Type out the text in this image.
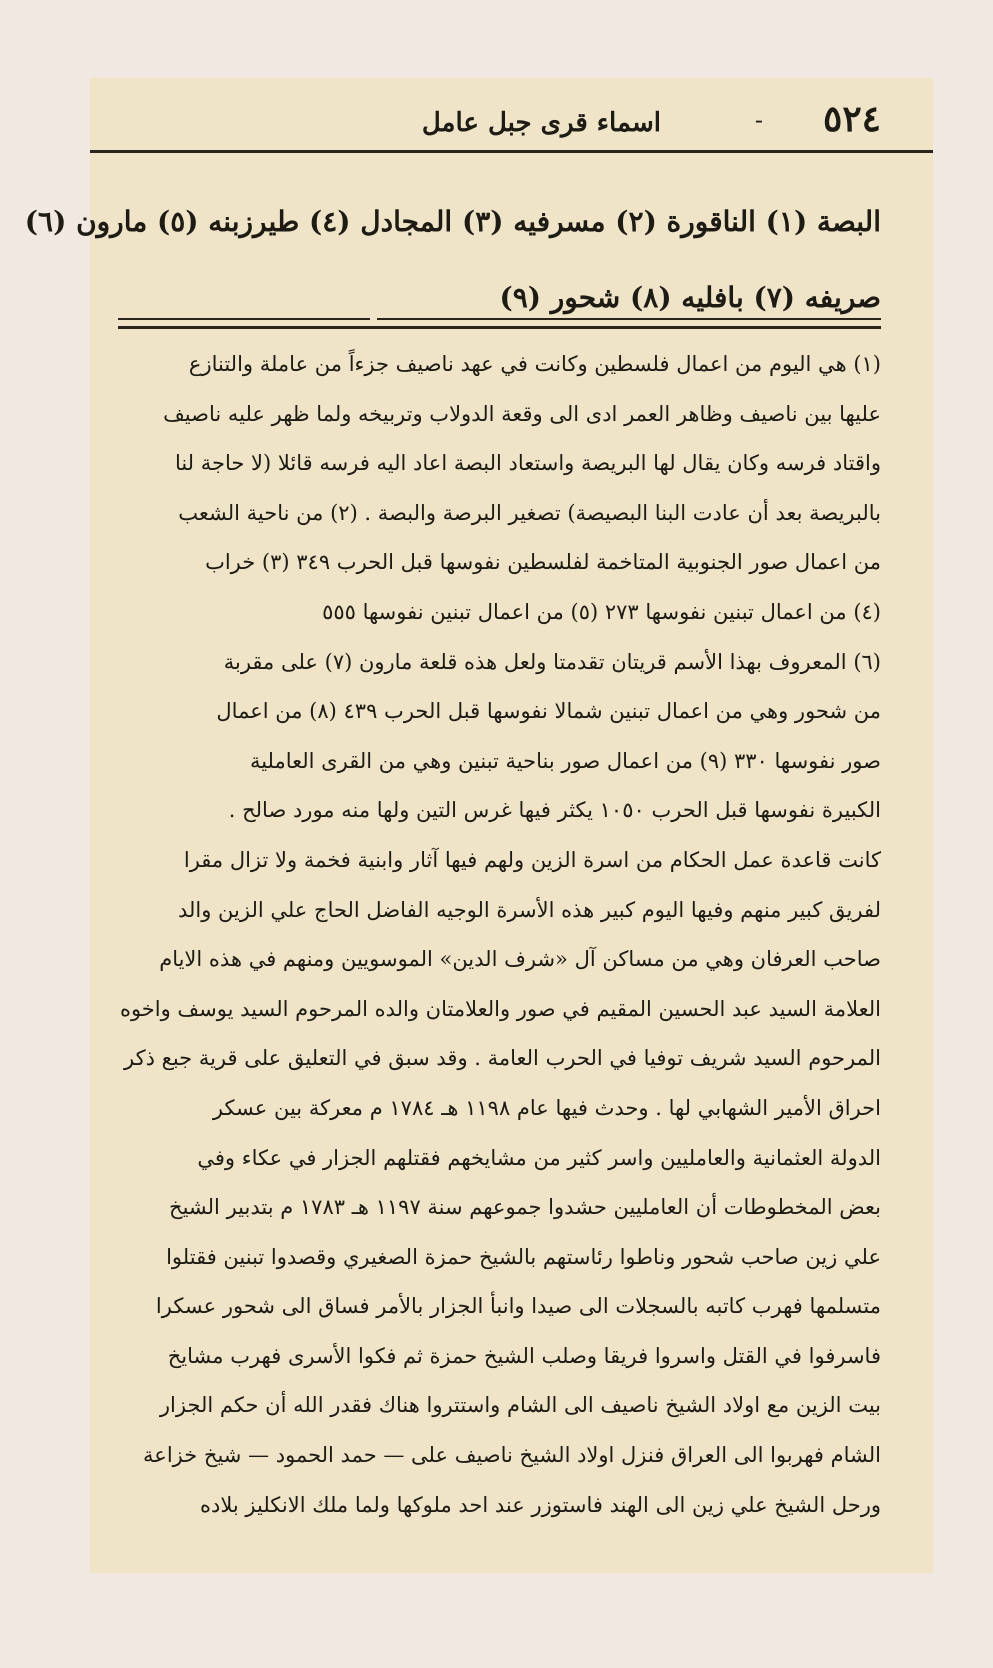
٥٢٤
-
اسماء قرى جبل عامل
البصة (١) الناقورة (٢) مسرفيه (٣) المجادل (٤) طيرزبنه (٥) مارون (٦)
صريفه (٧) بافليه (٨) شحور (٩)
(١) هي اليوم من اعمال فلسطين وكانت في عهد ناصيف جزءاً من عاملة والتنازع
عليها بين ناصيف وظاهر العمر ادى الى وقعة الدولاب وتربيخه ولما ظهر عليه ناصيف
واقتاد فرسه وكان يقال لها البريصة واستعاد البصة اعاد اليه فرسه قائلا (لا حاجة لنا
بالبريصة بعد أن عادت البنا البصيصة) تصغير البرصة والبصة . (٢) من ناحية الشعب
من اعمال صور الجنوبية المتاخمة لفلسطين نفوسها قبل الحرب ٣٤٩ (٣) خراب
(٤) من اعمال تبنين نفوسها ٢٧٣ (٥) من اعمال تبنين نفوسها ٥٥٥
(٦) المعروف بهذا الأسم قريتان تقدمتا ولعل هذه قلعة مارون (٧) على مقربة
من شحور وهي من اعمال تبنين شمالا نفوسها قبل الحرب ٤٣٩ (٨) من اعمال
صور نفوسها ٣٣٠ (٩) من اعمال صور بناحية تبنين وهي من القرى العاملية
الكبيرة نفوسها قبل الحرب ١٠٥٠ يكثر فيها غرس التين ولها منه مورد صالح .
كانت قاعدة عمل الحكام من اسرة الزين ولهم فيها آثار وابنية فخمة ولا تزال مقرا
لفريق كبير منهم وفيها اليوم كبير هذه الأسرة الوجيه الفاضل الحاج علي الزين والد
صاحب العرفان وهي من مساكن آل «شرف الدين» الموسويين ومنهم في هذه الايام
العلامة السيد عبد الحسين المقيم في صور والعلامتان والده المرحوم السيد يوسف واخوه
المرحوم السيد شريف توفيا في الحرب العامة . وقد سبق في التعليق على قرية جبع ذكر
احراق الأمير الشهابي لها . وحدث فيها عام ١١٩٨ هـ ١٧٨٤ م معركة بين عسكر
الدولة العثمانية والعامليين واسر كثير من مشايخهم فقتلهم الجزار في عكاء وفي
بعض المخطوطات أن العامليين حشدوا جموعهم سنة ١١٩٧ هـ ١٧٨٣ م بتدبير الشيخ
علي زين صاحب شحور وناطوا رئاستهم بالشيخ حمزة الصغيري وقصدوا تبنين فقتلوا
متسلمها فهرب كاتبه بالسجلات الى صيدا وانبأ الجزار بالأمر فساق الى شحور عسكرا
فاسرفوا في القتل واسروا فريقا وصلب الشيخ حمزة ثم فكوا الأسرى فهرب مشايخ
بيت الزين مع اولاد الشيخ ناصيف الى الشام واستتروا هناك فقدر الله أن حكم الجزار
الشام فهربوا الى العراق فنزل اولاد الشيخ ناصيف على — حمد الحمود — شيخ خزاعة
ورحل الشيخ علي زين الى الهند فاستوزر عند احد ملوكها ولما ملك الانكليز بلاده
